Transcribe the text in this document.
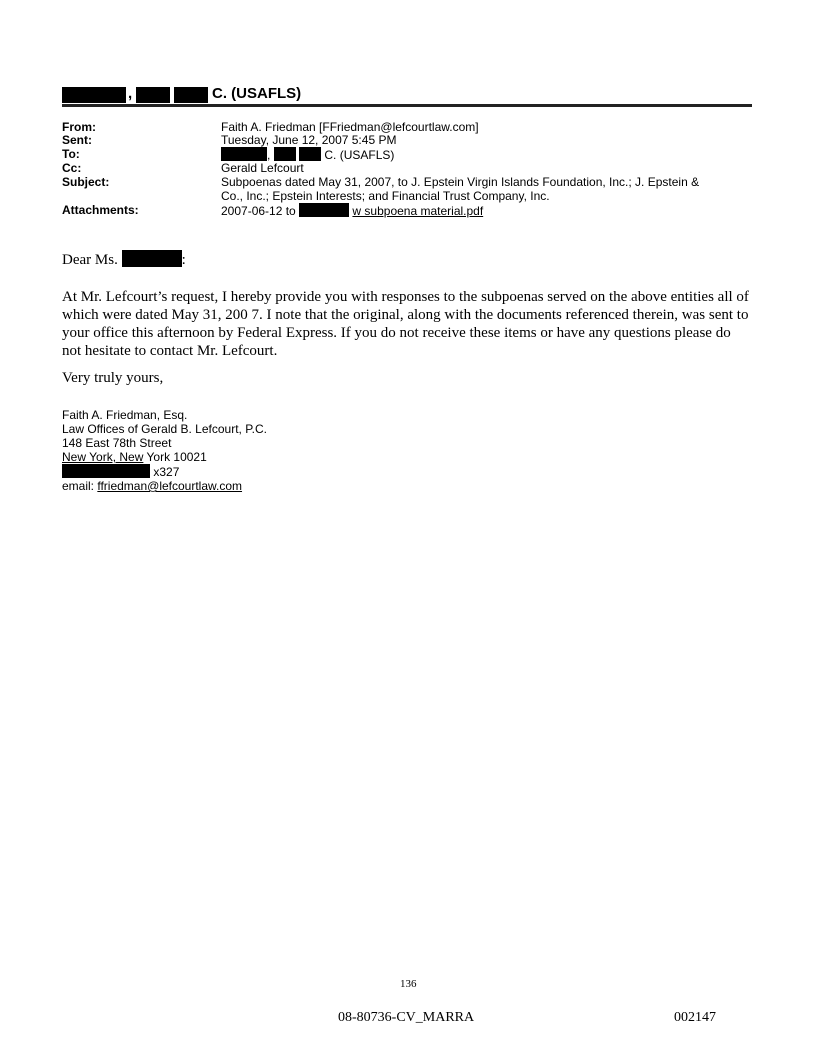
,	C. (USAFLS)
From:	Faith A. Friedman [FFriedman@lefcourtlaw.com]
Sent:	Tuesday, June 12, 2007 5:45 PM
To:	,	C. (USAFLS)
Cc:	Gerald Lefcourt
Subject:	Subpoenas dated May 31, 2007, to J. Epstein Virgin Islands Foundation, Inc.; J. Epstein &
Co., Inc.; Epstein Interests; and Financial Trust Company, Inc.
Attachments:	2007-06-12 to	w subpoena material.pdf
Dear Ms.	:
At Mr. Lefcourt’s request, I hereby provide you with responses to the subpoenas served on the above entities all of which were dated May 31, 200 7. I note that the original, along with the documents referenced therein, was sent to your office this afternoon by Federal Express. If you do not receive these items or have any questions please do not hesitate to contact Mr. Lefcourt.
Very truly yours,
Faith A. Friedman, Esq.
Law Offices of Gerald B. Lefcourt, P.C.
148 East 78th Street
New York, New York 10021
x327
email: ffriedman@lefcourtlaw.com
136
08-80736-CV_MARRA	002147
